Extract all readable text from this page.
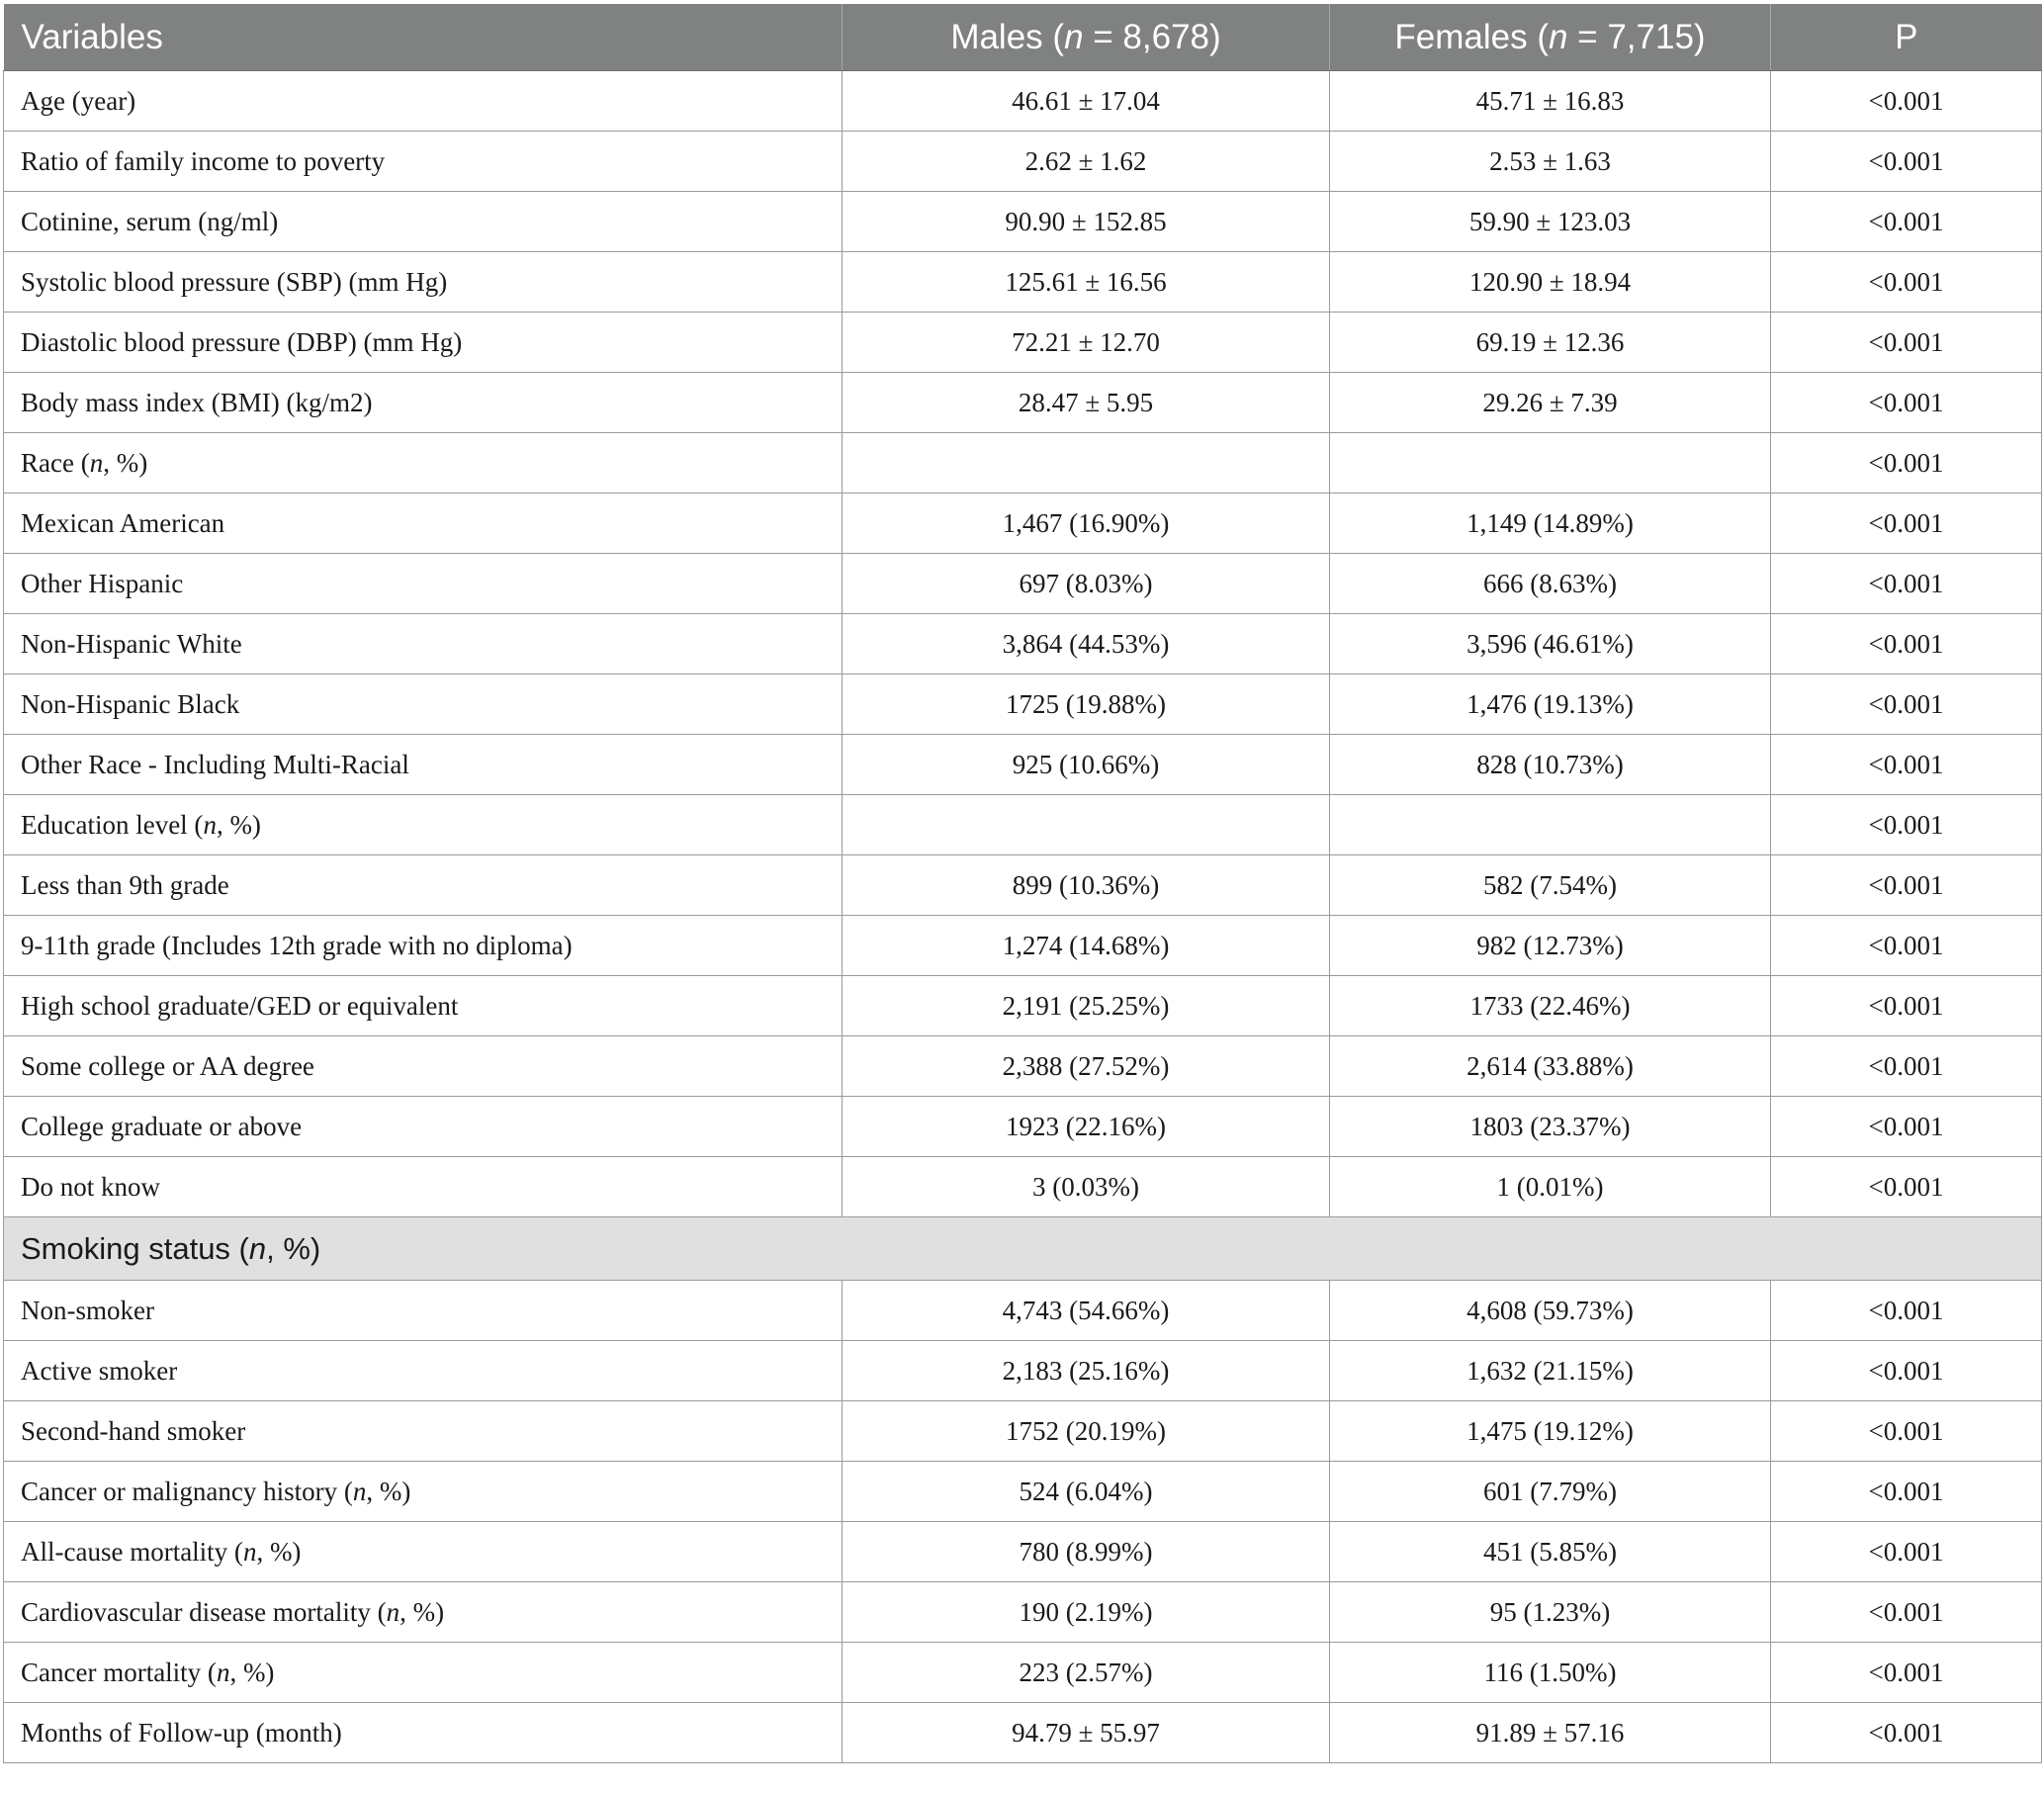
Variables	Males (n = 8,678)	Females (n = 7,715)	P
Age (year)	46.61 ± 17.04	45.71 ± 16.83	<0.001
Ratio of family income to poverty	2.62 ± 1.62	2.53 ± 1.63	<0.001
Cotinine, serum (ng/ml)	90.90 ± 152.85	59.90 ± 123.03	<0.001
Systolic blood pressure (SBP) (mm Hg)	125.61 ± 16.56	120.90 ± 18.94	<0.001
Diastolic blood pressure (DBP) (mm Hg)	72.21 ± 12.70	69.19 ± 12.36	<0.001
Body mass index (BMI) (kg/m2)	28.47 ± 5.95	29.26 ± 7.39	<0.001
Race (n, %)			<0.001
Mexican American	1,467 (16.90%)	1,149 (14.89%)	<0.001
Other Hispanic	697 (8.03%)	666 (8.63%)	<0.001
Non-Hispanic White	3,864 (44.53%)	3,596 (46.61%)	<0.001
Non-Hispanic Black	1725 (19.88%)	1,476 (19.13%)	<0.001
Other Race - Including Multi-Racial	925 (10.66%)	828 (10.73%)	<0.001
Education level (n, %)			<0.001
Less than 9th grade	899 (10.36%)	582 (7.54%)	<0.001
9-11th grade (Includes 12th grade with no diploma)	1,274 (14.68%)	982 (12.73%)	<0.001
High school graduate/GED or equivalent	2,191 (25.25%)	1733 (22.46%)	<0.001
Some college or AA degree	2,388 (27.52%)	2,614 (33.88%)	<0.001
College graduate or above	1923 (22.16%)	1803 (23.37%)	<0.001
Do not know	3 (0.03%)	1 (0.01%)	<0.001
Smoking status (n, %)			
Non-smoker	4,743 (54.66%)	4,608 (59.73%)	<0.001
Active smoker	2,183 (25.16%)	1,632 (21.15%)	<0.001
Second-hand smoker	1752 (20.19%)	1,475 (19.12%)	<0.001
Cancer or malignancy history (n, %)	524 (6.04%)	601 (7.79%)	<0.001
All-cause mortality (n, %)	780 (8.99%)	451 (5.85%)	<0.001
Cardiovascular disease mortality (n, %)	190 (2.19%)	95 (1.23%)	<0.001
Cancer mortality (n, %)	223 (2.57%)	116 (1.50%)	<0.001
Months of Follow-up (month)	94.79 ± 55.97	91.89 ± 57.16	<0.001
